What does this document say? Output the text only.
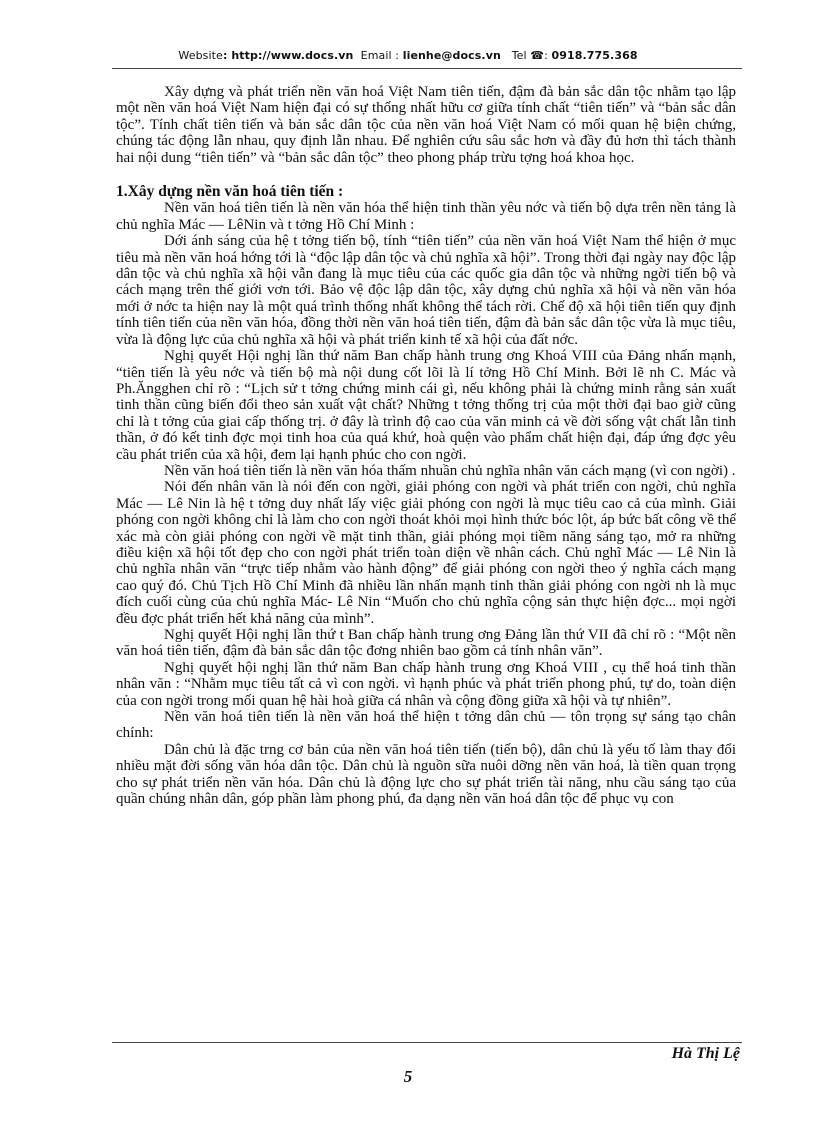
Website: http://www.docs.vn Email : lienhe@docs.vn Tel ☎: 0918.775.368

Xây dựng và phát triển nền văn hoá Việt Nam tiên tiến, đậm đà bản sắc dân tộc nhằm tạo lập một nền văn hoá Việt Nam hiện đại có sự thống nhất hữu cơ giữa tính chất “tiên tiến” và “bản sắc dân tộc”. Tính chất tiên tiến và bản sắc dân tộc của nền văn hoá Việt Nam có mối quan hệ biện chứng, chúng tác động lẫn nhau, quy định lẫn nhau. Để nghiên cứu sâu sắc hơn và đầy đủ hơn thì tách thành hai nội dung “tiên tiến” và “bản sắc dân tộc” theo phong pháp trừu tợng hoá khoa học.

1.Xây dựng nền văn hoá tiên tiến :

Nền văn hoá tiên tiến là nền văn hóa thể hiện tinh thần yêu nớc và tiến bộ dựa trên nền tảng là chủ nghĩa Mác — LêNin và t tởng Hồ Chí Minh :

Dới ánh sáng của hệ t tởng tiến bộ, tính “tiên tiến” của nền văn hoá Việt Nam thể hiện ở mục tiêu mà nền văn hoá hớng tới là “độc lập dân tộc và chủ nghĩa xã hội”. Trong thời đại ngày nay độc lập dân tộc và chủ nghĩa xã hội vẫn đang là mục tiêu của các quốc gia dân tộc và những ngời tiến bộ và cách mạng trên thế giới vơn tới. Bảo vệ độc lập dân tộc, xây dựng chủ nghĩa xã hội và nền văn hóa mới ở nớc ta hiện nay là một quá trình thống nhất không thể tách rời. Chế độ xã hội tiên tiến quy định tính tiên tiến của nền văn hóa, đồng thời nền văn hoá tiên tiến, đậm đà bản sắc dân tộc vừa là mục tiêu, vừa là động lực của chủ nghĩa xã hội và phát triển kinh tế xã hội của đất nớc.

Nghị quyết Hội nghị lần thứ năm Ban chấp hành trung ơng Khoá VIII của Đảng nhấn mạnh, “tiên tiến là yêu nớc và tiến bộ mà nội dung cốt lõi là lí tởng Hồ Chí Minh. Bởi lẽ nh C. Mác và Ph.Ăngghen chỉ rõ : “Lịch sử t tởng chứng minh cái gì, nếu không phải là chứng minh rằng sản xuất tinh thần cũng biến đổi theo sản xuất vật chất? Những t tởng thống trị của một thời đại bao giờ cũng chỉ là t tởng của giai cấp thống trị. ở đây là trình độ cao của văn minh cả về đời sống vật chất lẫn tinh thần, ở đó kết tinh đợc mọi tinh hoa của quá khứ, hoà quện vào phẩm chất hiện đại, đáp ứng đợc yêu cầu phát triển của xã hội, đem lại hạnh phúc cho con ngời.

Nền văn hoá tiên tiến là nền văn hóa thấm nhuần chủ nghĩa nhân văn cách mạng (vì con ngời) .

Nói đến nhân văn là nói đến con ngời, giải phóng con ngời và phát triển con ngời, chủ nghĩa Mác — Lê Nin là hệ t tởng duy nhất lấy việc giải phóng con ngời là mục tiêu cao cả của mình. Giải phóng con ngời không chỉ là làm cho con ngời thoát khỏi mọi hình thức bóc lột, áp bức bất công về thể xác mà còn giải phóng con ngời về mặt tinh thần, giải phóng mọi tiềm năng sáng tạo, mở ra những điều kiện xã hội tốt đẹp cho con ngời phát triển toàn diện về nhân cách. Chủ nghĩ Mác — Lê Nin là chủ nghĩa nhân văn “trực tiếp nhằm vào hành động” để giải phóng con ngời theo ý nghĩa cách mạng cao quý đó. Chủ Tịch Hồ Chí Minh đã nhiều lần nhấn mạnh tinh thần giải phóng con ngời nh là mục đích cuối cùng của chủ nghĩa Mác- Lê Nin “Muốn cho chủ nghĩa cộng sản thực hiện đợc... mọi ngời đều đợc phát triển hết khả năng của mình”.

Nghị quyết Hội nghị lần thứ t Ban chấp hành trung ơng Đảng lần thứ VII đã chỉ rõ : “Một nền văn hoá tiên tiến, đậm đà bản sắc dân tộc đơng nhiên bao gồm cả tính nhân văn”.

Nghị quyết hội nghị lần thứ năm Ban chấp hành trung ơng Khoá VIII , cụ thể hoá tinh thần nhân văn : “Nhằm mục tiêu tất cả vì con ngời. vì hạnh phúc và phát triển phong phú, tự do, toàn diện của con ngời trong mối quan hệ hài hoà giữa cá nhân và cộng đồng giữa xã hội và tự nhiên”.

Nền văn hoá tiên tiến là nền văn hoá thể hiện t tởng dân chủ — tôn trọng sự sáng tạo chân chính:

Dân chủ là đặc trng cơ bản của nền văn hoá tiên tiến (tiến bộ), dân chủ là yếu tố làm thay đổi nhiều mặt đời sống văn hóa dân tộc. Dân chủ là nguồn sữa nuôi dỡng nền văn hoá, là tiền quan trọng cho sự phát triển nền văn hóa. Dân chủ là động lực cho sự phát triển tài năng, nhu cầu sáng tạo của quần chúng nhân dân, góp phần làm phong phú, đa dạng nền văn hoá dân tộc để phục vụ con

Hà Thị Lệ
5
